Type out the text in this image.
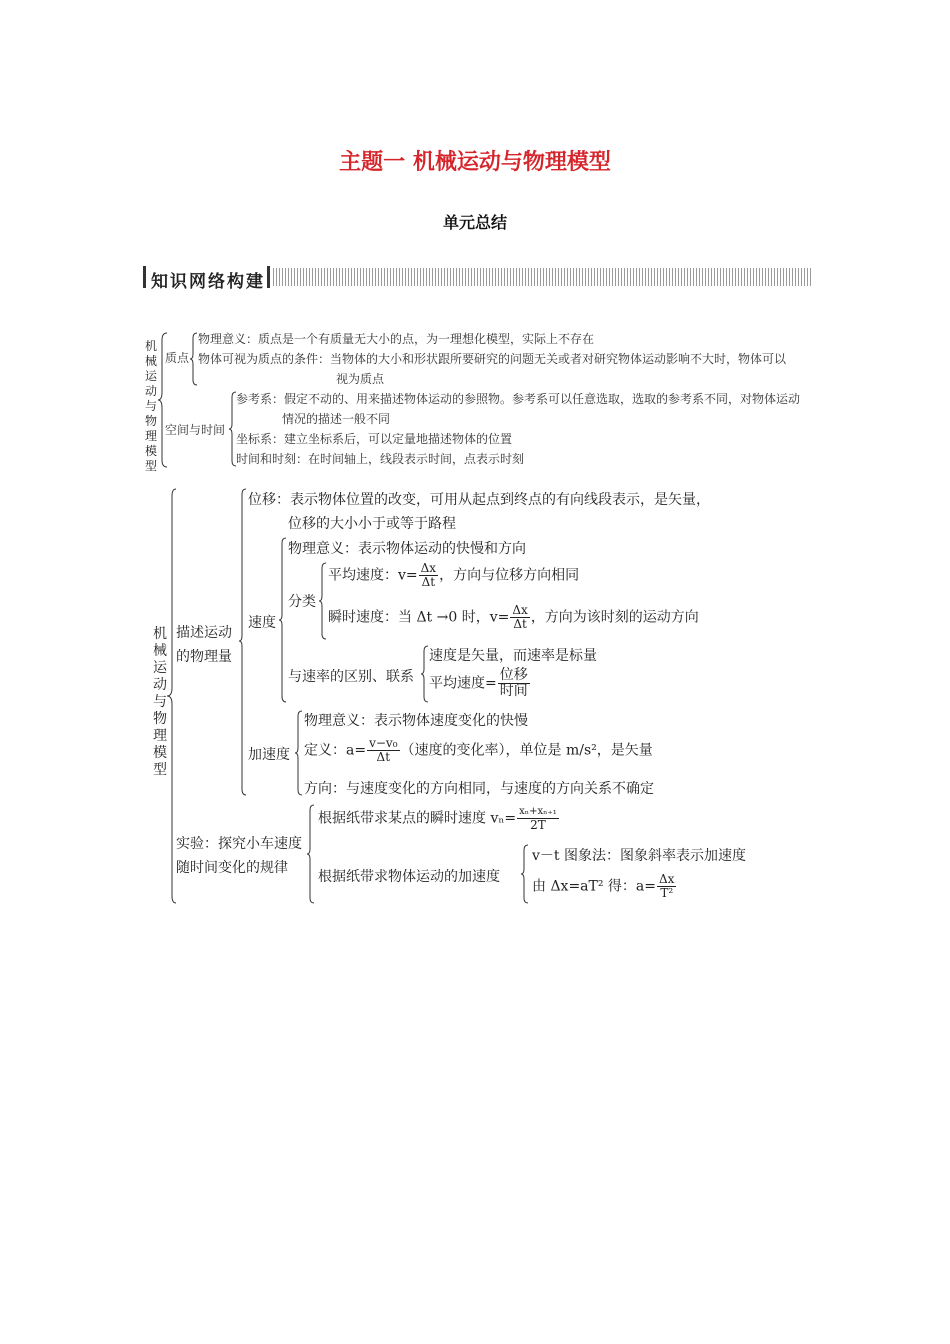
主题一 机械运动与物理模型
单元总结
知识网络构建
机械运动与物理模型
质点
物理意义：质点是一个有质量无大小的点，为一理想化模型，实际上不存在
物体可视为质点的条件：当物体的大小和形状跟所要研究的问题无关或者对研究物体运动影响不大时，物体可以
视为质点
空间与时间
参考系：假定不动的、用来描述物体运动的参照物。参考系可以任意选取，选取的参考系不同，对物体运动
情况的描述一般不同
坐标系：建立坐标系后，可以定量地描述物体的位置
时间和时刻：在时间轴上，线段表示时间，点表示时刻
机械运动与物理模型
描述运动
的物理量
位移：表示物体位置的改变，可用从起点到终点的有向线段表示，是矢量，
位移的大小小于或等于路程
速度
物理意义：表示物体运动的快慢和方向
分类
平均速度：$v= \frac{\Delta x}{\Delta t}$ ，方向与位移方向相同
瞬时速度：当 Δt →0 时，$v= \frac{\Delta x}{\Delta t}$ ，方向为该时刻的运动方向
与速率的区别、联系
速度是矢量，而速率是标量
平均速度= $\frac{\text{位移}}{\text{时间}}$
加速度
物理意义：表示物体速度变化的快慢
定义：$a= \frac{\text{v−v₀}}{\Delta t}$ （速度的变化率），单位是 m/s²，是矢量
方向：与速度变化的方向相同，与速度的方向关系不确定
实验：探究小车速度
随时间变化的规律
根据纸带求某点的瞬时速度 $v_n= \frac{\text{xₙ+xₙ₊₁}}{2T}$
根据纸带求物体运动的加速度
v－t 图象法：图象斜率表示加速度
由 Δx=aT² 得：$a= \frac{\Delta x}{\text{T²}}$
